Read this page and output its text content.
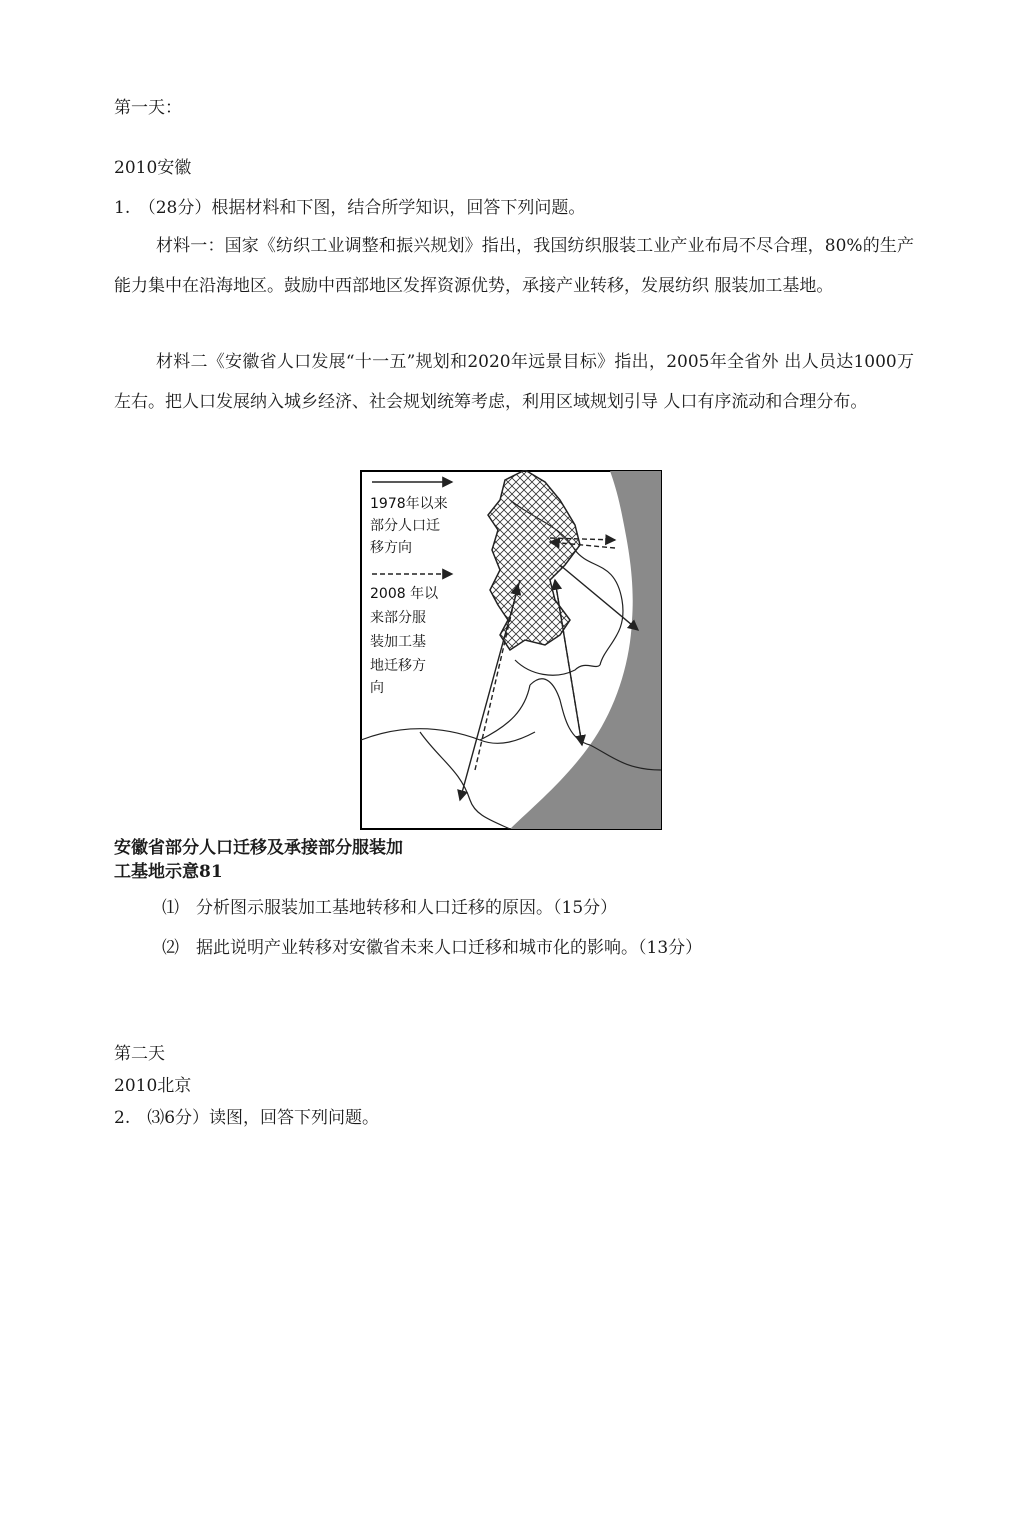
第一天：
2010安徽
1.　（28分）根据材料和下图，结合所学知识，回答下列问题。
材料一：国家《纺织工业调整和振兴规划》指出，我国纺织服装工业产业布局不尽合理，80%的生产能力集中在沿海地区。鼓励中西部地区发挥资源优势，承接产业转移，发展纺织 服装加工基地。
材料二《安徽省人口发展“十一五”规划和2020年远景目标》指出，2005年全省外 出人员达1000万左右。把人口发展纳入城乡经济、社会规划统筹考虑，利用区域规划引导 人口有序流动和合理分布。
1978年以来
部分人口迁
移方向
2008 年以
来部分服
装加工基
地迁移方
向
安徽省部分人口迁移及承接部分服装加
工基地示意81
⑴　分析图示服装加工基地转移和人口迁移的原因。（15分）
⑵　据此说明产业转移对安徽省未来人口迁移和城市化的影响。（13分）
第二天
2010北京
2.　⑶6分）读图，回答下列问题。
